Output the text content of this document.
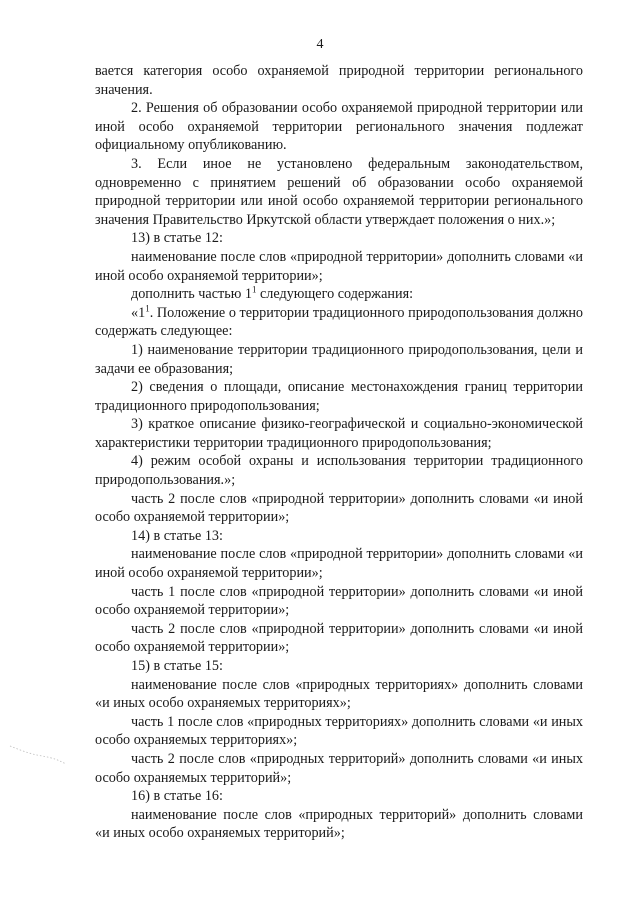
4

вается категория особо охраняемой природной территории регионального значения.

2. Решения об образовании особо охраняемой природной территории или иной особо охраняемой территории регионального значения подлежат официальному опубликованию.

3. Если иное не установлено федеральным законодательством, одновременно с принятием решений об образовании особо охраняемой природной территории или иной особо охраняемой территории регионального значения Правительство Иркутской области утверждает положения о них.»;

13) в статье 12:

наименование после слов «природной территории» дополнить словами «и иной особо охраняемой территории»;

дополнить частью $1^1$ следующего содержания:

«$1^1$. Положение о территории традиционного природопользования должно содержать следующее:

1) наименование территории традиционного природопользования, цели и задачи ее образования;

2) сведения о площади, описание местонахождения границ территории традиционного природопользования;

3) краткое описание физико-географической и социально-экономической характеристики территории традиционного природопользования;

4) режим особой охраны и использования территории традиционного природопользования.»;

часть 2 после слов «природной территории» дополнить словами «и иной особо охраняемой территории»;

14) в статье 13:

наименование после слов «природной территории» дополнить словами «и иной особо охраняемой территории»;

часть 1 после слов «природной территории» дополнить словами «и иной особо охраняемой территории»;

часть 2 после слов «природной территории» дополнить словами «и иной особо охраняемой территории»;

15) в статье 15:

наименование после слов «природных территориях» дополнить словами «и иных особо охраняемых территориях»;

часть 1 после слов «природных территориях» дополнить словами «и иных особо охраняемых территориях»;

часть 2 после слов «природных территорий» дополнить словами «и иных особо охраняемых территорий»;

16) в статье 16:

наименование после слов «природных территорий» дополнить словами «и иных особо охраняемых территорий»;
